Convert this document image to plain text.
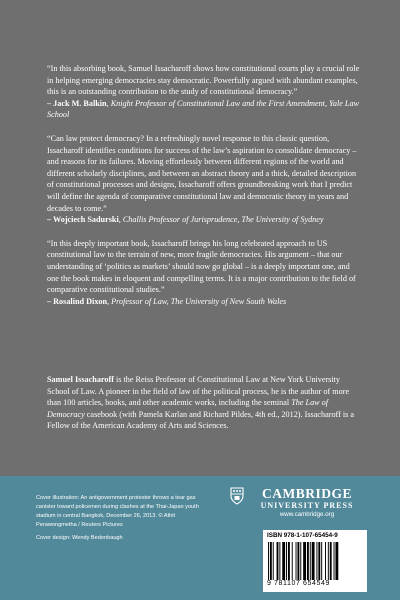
“In this absorbing book, Samuel Issacharoff shows how constitutional courts play a crucial role in helping emerging democracies stay democratic. Powerfully argued with abundant examples, this is an outstanding contribution to the study of constitutional democracy.”

– Jack M. Balkin, Knight Professor of Constitutional Law and the First Amendment, Yale Law School

“Can law protect democracy? In a refreshingly novel response to this classic question, Issacharoff identifies conditions for success of the law’s aspiration to consolidate democracy – and reasons for its failures. Moving effortlessly between different regions of the world and different scholarly disciplines, and between an abstract theory and a thick, detailed description of constitutional processes and designs, Issacharoff offers groundbreaking work that I predict will define the agenda of comparative constitutional law and democratic theory in years and decades to come.”

– Wojciech Sadurski, Challis Professor of Jurisprudence, The University of Sydney

“In this deeply important book, Issacharoff brings his long celebrated approach to US constitutional law to the terrain of new, more fragile democracies. His argument – that our understanding of ‘politics as markets’ should now go global – is a deeply important one, and one the book makes in eloquent and compelling terms. It is a major contribution to the field of comparative constitutional studies.”

– Rosalind Dixon, Professor of Law, The University of New South Wales

Samuel Issacharoff is the Reiss Professor of Constitutional Law at New York University School of Law. A pioneer in the field of law of the political process, he is the author of more than 100 articles, books, and other academic works, including the seminal The Law of Democracy casebook (with Pamela Karlan and Richard Pildes, 4th ed., 2012). Issacharoff is a Fellow of the American Academy of Arts and Sciences.

Cover illustration: An antigovernment protester throws a tear gas canister toward policemen during clashes at the Thai-Japan youth stadium in central Bangkok, December 26, 2013. © Athit Perawongmetha / Reuters Pictures

Cover design: Wendy Bedenbaugh

CAMBRIDGE
UNIVERSITY PRESS
www.cambridge.org
ISBN 978-1-107-65454-9
9 781107 654549
